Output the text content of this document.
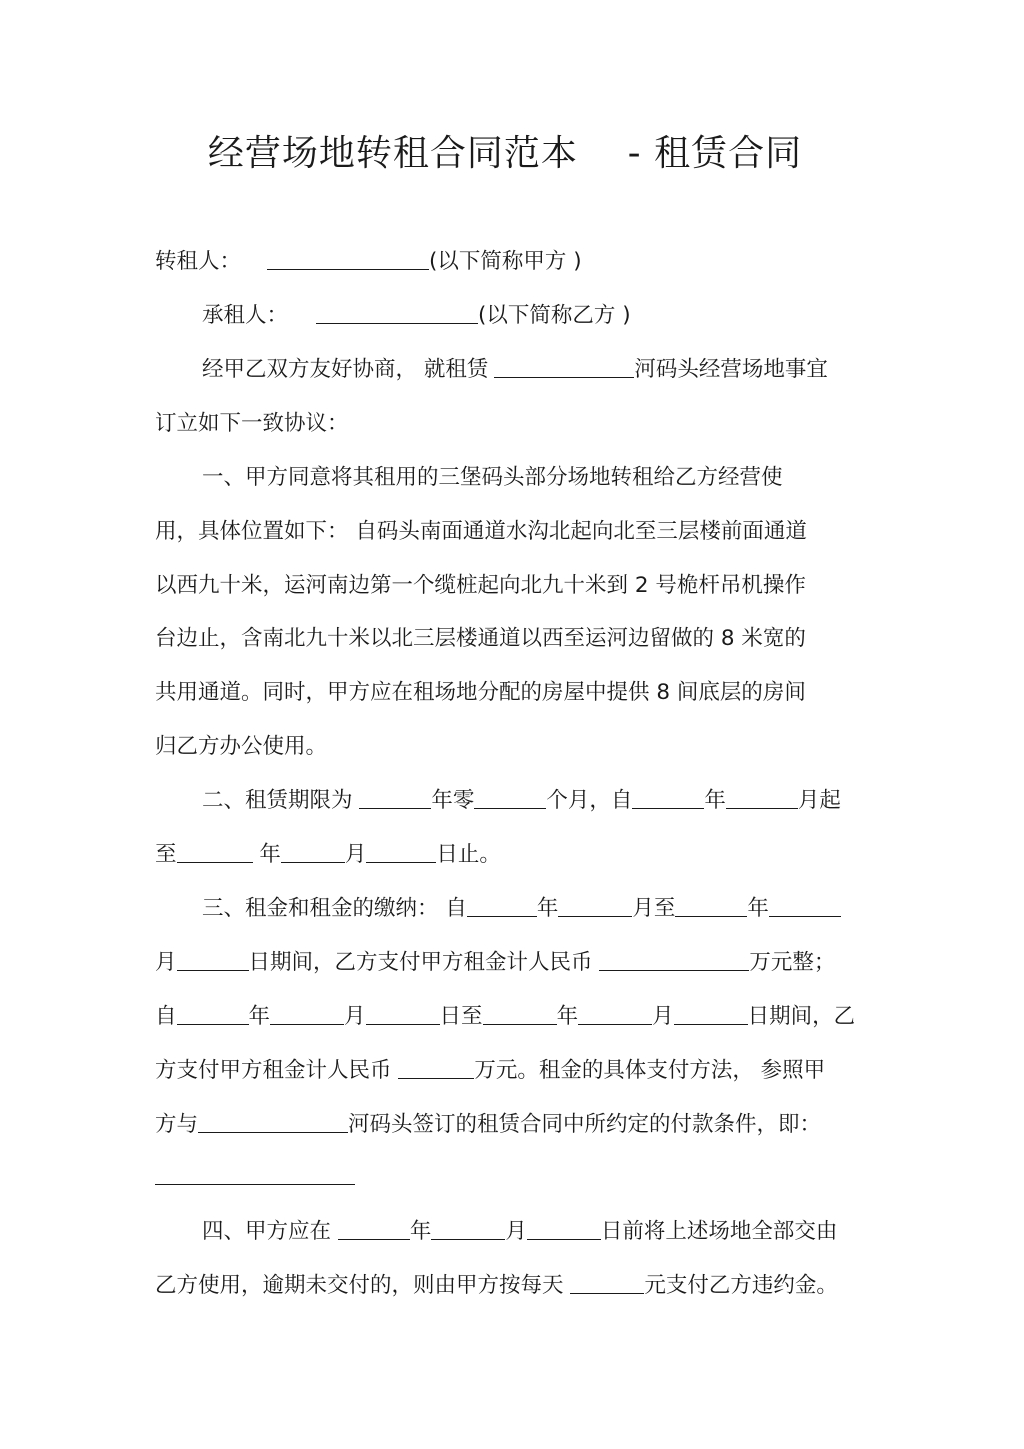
经营场地转租合同范本    - 租赁合同
转租人：	(以下简称甲方 )
承租人：	(以下简称乙方 )
经甲乙双方友好协商， 就租赁	河码头经营场地事宜
订立如下一致协议：
一、甲方同意将其租用的三堡码头部分场地转租给乙方经营使
用，具体位置如下： 自码头南面通道水沟北起向北至三层楼前面通道
以西九十米，运河南边第一个缆桩起向北九十米到 2 号桅杆吊机操作
台边止，含南北九十米以北三层楼通道以西至运河边留做的 8 米宽的
共用通道。同时，甲方应在租场地分配的房屋中提供 8 间底层的房间
归乙方办公使用。
二、租赁期限为	年零	个月，自	年	月起
至	年	月	日止。
三、租金和租金的缴纳： 自	年	月至	年
月	日期间，乙方支付甲方租金计人民币	万元整；
自	年	月	日至	年	月	日期间，乙
方支付甲方租金计人民币	万元。租金的具体支付方法， 参照甲
方与	河码头签订的租赁合同中所约定的付款条件，即：
四、甲方应在	年	月	日前将上述场地全部交由
乙方使用，逾期未交付的，则由甲方按每天	元支付乙方违约金。
